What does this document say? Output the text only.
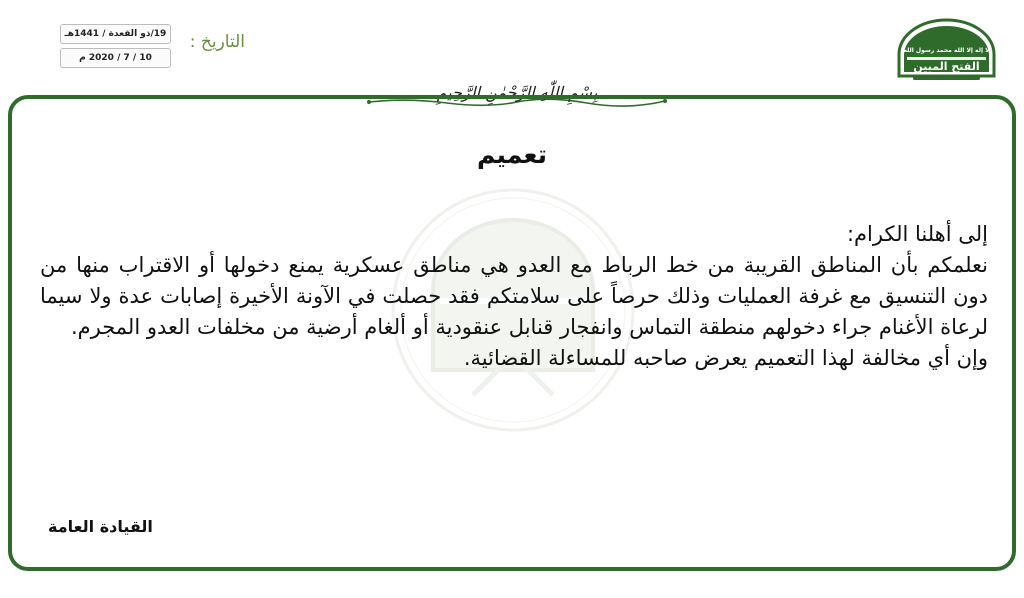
لا إله إلا الله محمد رسول الله
الفتح المبين
التاريخ :
19/ذو القعدة / 1441هـ
10 / 7 / 2020 م
بِسْمِ اللّٰهِ الرَّحْمٰنِ الرَّحِيمِ
تعميم

إلى أهلنا الكرام:

نعلمكم بأن المناطق القريبة من خط الرباط مع العدو هي مناطق عسكرية يمنع دخولها أو الاقتراب منها من دون التنسيق مع غرفة العمليات وذلك حرصاً على سلامتكم فقد حصلت في الآونة الأخيرة إصابات عدة ولا سيما لرعاة الأغنام جراء دخولهم منطقة التماس وانفجار قنابل عنقودية أو ألغام أرضية من مخلفات العدو المجرم.

وإن أي مخالفة لهذا التعميم يعرض صاحبه للمساءلة القضائية.

القيادة العامة
